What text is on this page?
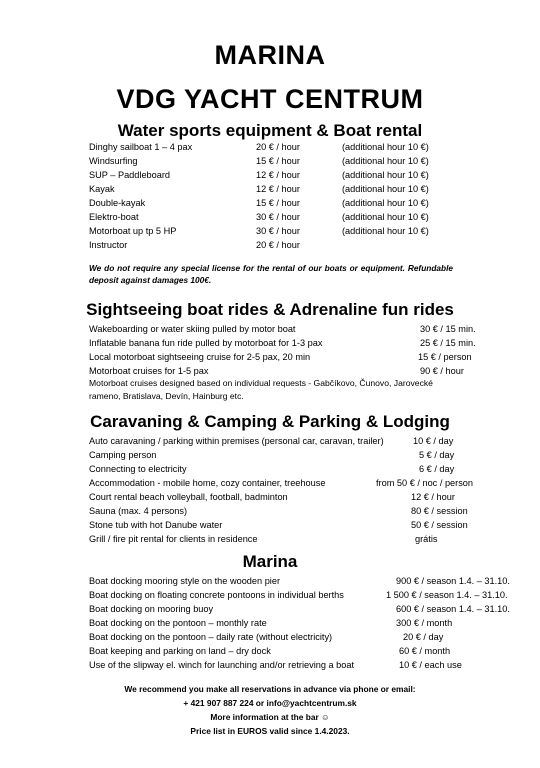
MARINA
VDG YACHT CENTRUM
Water sports equipment & Boat rental
Dinghy sailboat 1 – 4 pax	20 € / hour	(additional hour 10 €)
Windsurfing	15 € / hour	(additional hour 10 €)
SUP – Paddleboard	12 € / hour	(additional hour 10 €)
Kayak	12 € / hour	(additional hour 10 €)
Double-kayak	15 € / hour	(additional hour 10 €)
Elektro-boat	30 € / hour	(additional hour 10 €)
Motorboat up tp 5 HP	30 € / hour	(additional hour 10 €)
Instructor	20 € / hour
We do not require any special license for the rental of our boats or equipment. Refundable deposit against damages 100€.
Sightseeing boat rides & Adrenaline fun rides
Wakeboarding or water skiing pulled by motor boat	30 € / 15 min.
Inflatable banana fun ride pulled by motorboat for 1-3 pax	25 € / 15 min.
Local motorboat sightseeing cruise for 2-5 pax, 20 min	15 € / person
Motorboat cruises for 1-5 pax	90 € / hour
Motorboat cruises designed based on individual requests - Gabčíkovo, Čunovo, Jarovecké rameno, Bratislava, Devín, Hainburg etc.
Caravaning & Camping & Parking & Lodging
Auto caravaning / parking within premises (personal car, caravan, trailer)	10 € / day
Camping person	5 € / day
Connecting to electricity	6 € / day
Accommodation - mobile home, cozy container, treehouse	from 50 € / noc / person
Court rental beach volleyball, football, badminton	12 € / hour
Sauna (max. 4 persons)	80 € / session
Stone tub with hot Danube water	50 € / session
Grill / fire pit rental for clients in residence	grátis
Marina
Boat docking mooring style on the wooden pier	900 € / season 1.4. – 31.10.
Boat docking on floating concrete pontoons in individual berths	1 500 € / season 1.4. – 31.10.
Boat docking on mooring buoy	600 € / season 1.4. – 31.10.
Boat docking on the pontoon – monthly rate	300 € / month
Boat docking on the pontoon – daily rate (without electricity)	20 € / day
Boat keeping and parking on land – dry dock	60 € / month
Use of the slipway el. winch for launching and/or retrieving a boat	10 € / each use
We recommend you make all reservations in advance via phone or email:
+ 421 907 887 224 or info@yachtcentrum.sk
More information at the bar ☺
Price list in EUROS valid since 1.4.2023.
